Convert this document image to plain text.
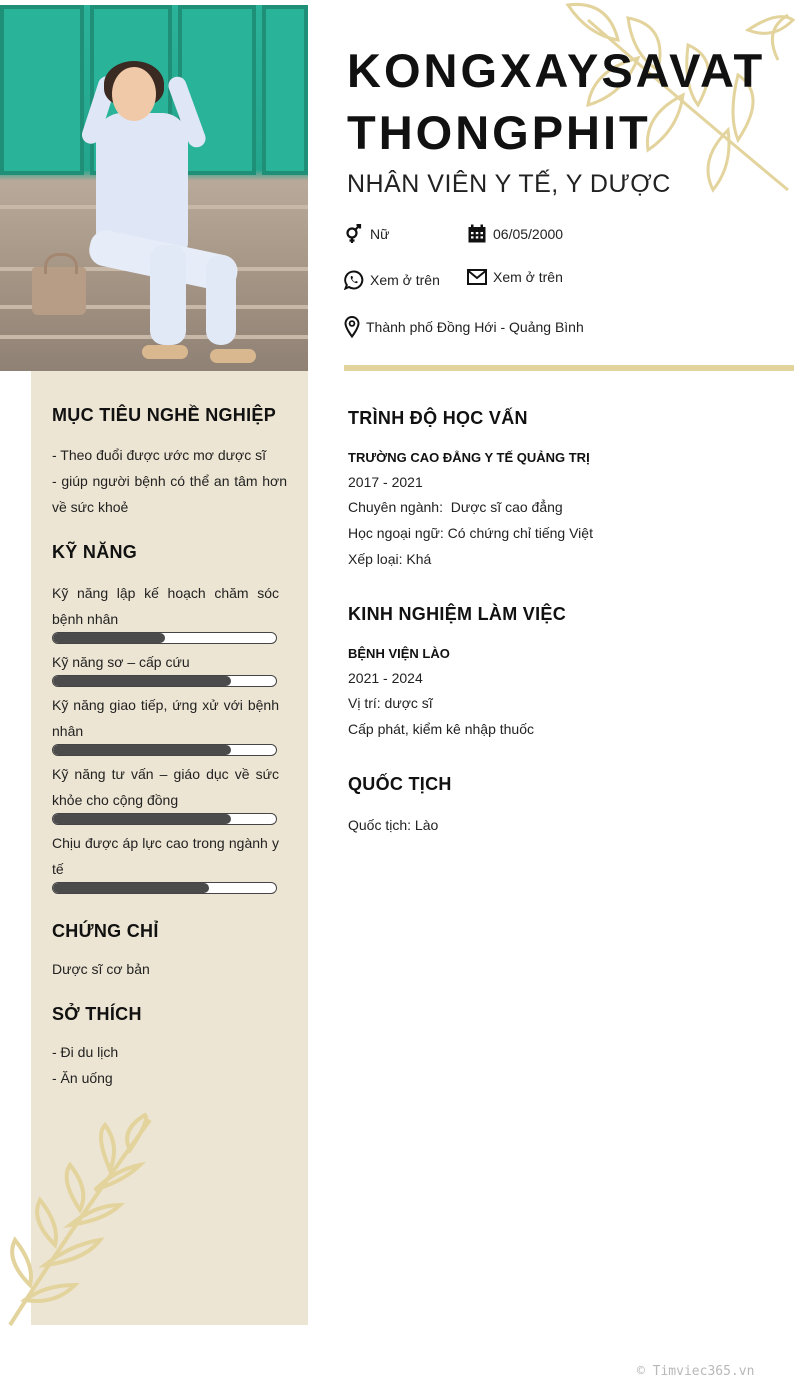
KONGXAYSAVAT
THONGPHIT
NHÂN VIÊN Y TẾ, Y DƯỢC
Nữ	06/05/2000
Xem ở trên	Xem ở trên
Thành phố Đồng Hới - Quảng Bình
MỤC TIÊU NGHỀ NGHIỆP
- Theo đuổi được ước mơ dược sĩ
- giúp người bệnh có thể an tâm hơn về sức khoẻ
KỸ NĂNG
Kỹ năng lập kế hoạch chăm sóc bệnh nhân
Kỹ năng sơ – cấp cứu
Kỹ năng giao tiếp, ứng xử với bệnh nhân
Kỹ năng tư vấn – giáo dục về sức khỏe cho cộng đồng
Chịu được áp lực cao trong ngành y tế
CHỨNG CHỈ
Dược sĩ cơ bản
SỞ THÍCH
- Đi du lịch
- Ăn uống
TRÌNH ĐỘ HỌC VẤN
TRƯỜNG CAO ĐẲNG Y TẾ QUẢNG TRỊ
2017 - 2021
Chuyên ngành:  Dược sĩ cao đẳng
Học ngoại ngữ: Có chứng chỉ tiếng Việt
Xếp loại: Khá
KINH NGHIỆM LÀM VIỆC
BỆNH VIỆN LÀO
2021 - 2024
Vị trí: dược sĩ
Cấp phát, kiểm kê nhập thuốc
QUỐC TỊCH
Quốc tịch: Lào
© Timviec365.vn
